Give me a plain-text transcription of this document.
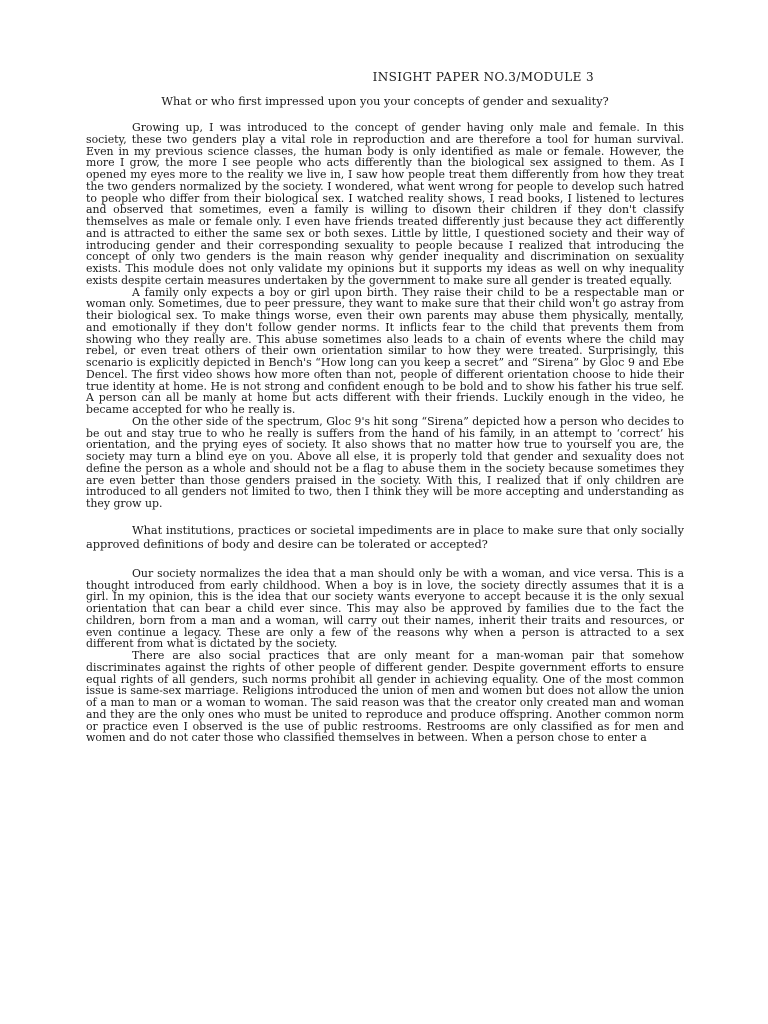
INSIGHT PAPER NO.3/MODULE 3
What or who first impressed upon you your concepts of gender and sexuality?

Growing up, I was introduced to the concept of gender having only male and female. In this society, these two genders play a vital role in reproduction and are therefore a tool for human survival. Even in my previous science classes, the human body is only identified as male or female. However, the more I grow, the more I see people who acts differently than the biological sex assigned to them. As I opened my eyes more to the reality we live in, I saw how people treat them differently from how they treat the two genders normalized by the society. I wondered, what went wrong for people to develop such hatred to people who differ from their biological sex. I watched reality shows, I read books, I listened to lectures and observed that sometimes, even a family is willing to disown their children if they don't classify themselves as male or female only. I even have friends treated differently just because they act differently and is attracted to either the same sex or both sexes. Little by little, I questioned society and their way of introducing gender and their corresponding sexuality to people because I realized that introducing the concept of only two genders is the main reason why gender inequality and discrimination on sexuality exists. This module does not only validate my opinions but it supports my ideas as well on why inequality exists despite certain measures undertaken by the government to make sure all gender is treated equally.

A family only expects a boy or girl upon birth. They raise their child to be a respectable man or woman only. Sometimes, due to peer pressure, they want to make sure that their child won't go astray from their biological sex. To make things worse, even their own parents may abuse them physically, mentally, and emotionally if they don't follow gender norms. It inflicts fear to the child that prevents them from showing who they really are. This abuse sometimes also leads to a chain of events where the child may rebel, or even treat others of their own orientation similar to how they were treated. Surprisingly, this scenario is explicitly depicted in Bench's “How long can you keep a secret” and “Sirena” by Gloc 9 and Ebe Dencel. The first video shows how more often than not, people of different orientation choose to hide their true identity at home. He is not strong and confident enough to be bold and to show his father his true self. A person can all be manly at home but acts different with their friends. Luckily enough in the video, he became accepted for who he really is.

On the other side of the spectrum, Gloc 9's hit song “Sirena” depicted how a person who decides to be out and stay true to who he really is suffers from the hand of his family, in an attempt to ‘correct’ his orientation, and the prying eyes of society. It also shows that no matter how true to yourself you are, the society may turn a blind eye on you. Above all else, it is properly told that gender and sexuality does not define the person as a whole and should not be a flag to abuse them in the society because sometimes they are even better than those genders praised in the society. With this, I realized that if only children are introduced to all genders not limited to two, then I think they will be more accepting and understanding as they grow up.

What institutions, practices or societal impediments are in place to make sure that only socially approved definitions of body and desire can be tolerated or accepted?

Our society normalizes the idea that a man should only be with a woman, and vice versa. This is a thought introduced from early childhood. When a boy is in love, the society directly assumes that it is a girl. In my opinion, this is the idea that our society wants everyone to accept because it is the only sexual orientation that can bear a child ever since. This may also be approved by families due to the fact the children, born from a man and a woman, will carry out their names, inherit their traits and resources, or even continue a legacy. These are only a few of the reasons why when a person is attracted to a sex different from what is dictated by the society.

There are also social practices that are only meant for a man-woman pair that somehow discriminates against the rights of other people of different gender. Despite government efforts to ensure equal rights of all genders, such norms prohibit all gender in achieving equality. One of the most common issue is same-sex marriage. Religions introduced the union of men and women but does not allow the union of a man to man or a woman to woman. The said reason was that the creator only created man and woman and they are the only ones who must be united to reproduce and produce offspring. Another common norm or practice even I observed is the use of public restrooms. Restrooms are only classified as for men and women and do not cater those who classified themselves in between. When a person chose to enter a
